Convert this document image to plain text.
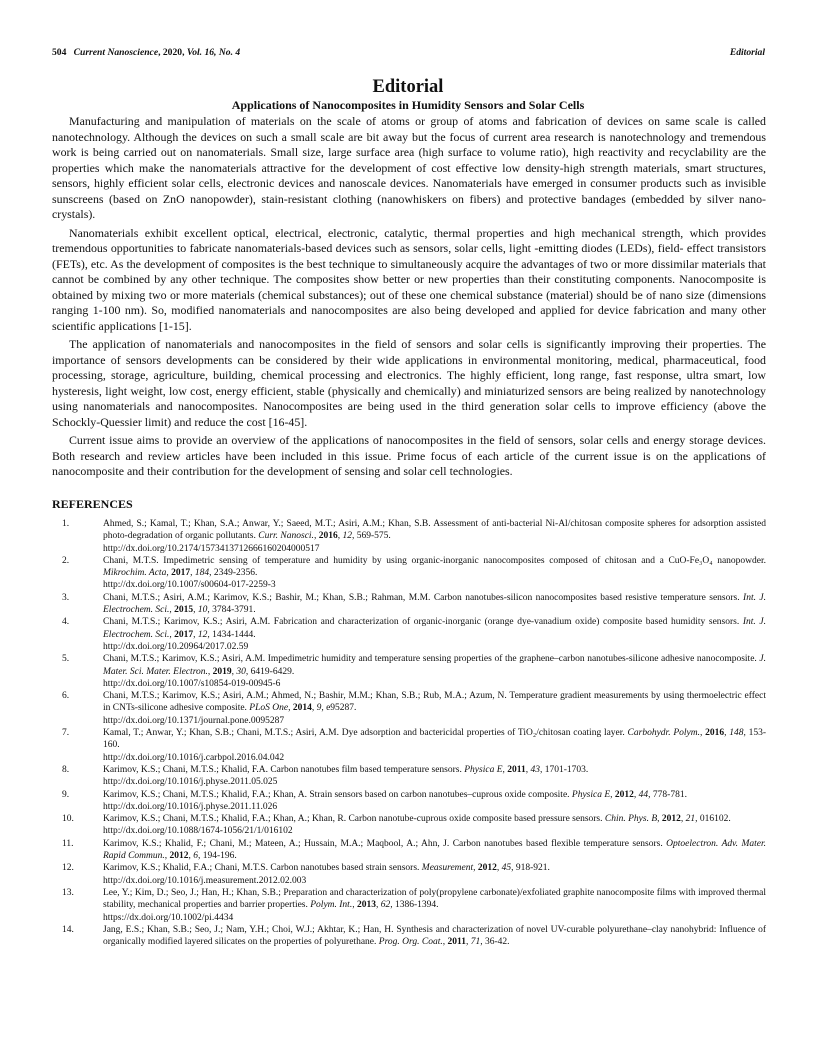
504 Current Nanoscience, 2020, Vol. 16, No. 4	Editorial
Editorial
Applications of Nanocomposites in Humidity Sensors and Solar Cells

Manufacturing and manipulation of materials on the scale of atoms or group of atoms and fabrication of devices on same scale is called nanotechnology. Although the devices on such a small scale are bit away but the focus of current area research is nanotechnology and tremendous work is being carried out on nanomaterials. Small size, large surface area (high surface to volume ratio), high reactivity and recyclability are the properties which make the nanomaterials attractive for the development of cost effective low density-high strength materials, smart structures, sensors, highly efficient solar cells, electronic devices and nanoscale devices. Nanomaterials have emerged in consumer products such as invisible sunscreens (based on ZnO nanopowder), stain-resistant clothing (nanowhiskers on fibers) and protective bandages (embedded by silver nano-crystals).

Nanomaterials exhibit excellent optical, electrical, electronic, catalytic, thermal properties and high mechanical strength, which provides tremendous opportunities to fabricate nanomaterials-based devices such as sensors, solar cells, light -emitting diodes (LEDs), field- effect transistors (FETs), etc. As the development of composites is the best technique to simultaneously acquire the advantages of two or more dissimilar materials that cannot be combined by any other technique. The composites show better or new properties than their constituting components. Nanocomposite is obtained by mixing two or more materials (chemical substances); out of these one chemical substance (material) should be of nano size (dimensions ranging 1-100 nm). So, modified nanomaterials and nanocomposites are also being developed and applied for device fabrication and many other scientific applications [1-15].

The application of nanomaterials and nanocomposites in the field of sensors and solar cells is significantly improving their properties. The importance of sensors developments can be considered by their wide applications in environmental monitoring, medical, pharmaceutical, food processing, storage, agriculture, building, chemical processing and electronics. The highly efficient, long range, fast response, ultra smart, low hysteresis, light weight, low cost, energy efficient, stable (physically and chemically) and miniaturized sensors are being realized by nanotechnology using nanomaterials and nanocomposites. Nanocomposites are being used in the third generation solar cells to improve efficiency (above the Schockly-Quessier limit) and reduce the cost [16-45].

Current issue aims to provide an overview of the applications of nanocomposites in the field of sensors, solar cells and energy storage devices. Both research and review articles have been included in this issue. Prime focus of each article of the current issue is on the applications of nanocomposite and their contribution for the development of sensing and solar cell technologies.

REFERENCES
1.	Ahmed, S.; Kamal, T.; Khan, S.A.; Anwar, Y.; Saeed, M.T.; Asiri, A.M.; Khan, S.B. Assessment of anti-bacterial Ni-Al/chitosan composite spheres for adsorption assisted photo-degradation of organic pollutants. Curr. Nanosci., 2016, 12, 569-575.
http://dx.doi.org/10.2174/1573413712666160204000517
2.	Chani, M.T.S. Impedimetric sensing of temperature and humidity by using organic-inorganic nanocomposites composed of chitosan and a CuO-Fe₃O₄ nanopowder. Mikrochim. Acta, 2017, 184, 2349-2356.
http://dx.doi.org/10.1007/s00604-017-2259-3
3.	Chani, M.T.S.; Asiri, A.M.; Karimov, K.S.; Bashir, M.; Khan, S.B.; Rahman, M.M. Carbon nanotubes-silicon nanocomposites based resistive temperature sensors. Int. J. Electrochem. Sci., 2015, 10, 3784-3791.
4.	Chani, M.T.S.; Karimov, K.S.; Asiri, A.M. Fabrication and characterization of organic-inorganic (orange dye-vanadium oxide) composite based humidity sensors. Int. J. Electrochem. Sci., 2017, 12, 1434-1444.
http://dx.doi.org/10.20964/2017.02.59
5.	Chani, M.T.S.; Karimov, K.S.; Asiri, A.M. Impedimetric humidity and temperature sensing properties of the graphene–carbon nanotubes-silicone adhesive nanocomposite. J. Mater. Sci. Mater. Electron., 2019, 30, 6419-6429.
http://dx.doi.org/10.1007/s10854-019-00945-6
6.	Chani, M.T.S.; Karimov, K.S.; Asiri, A.M.; Ahmed, N.; Bashir, M.M.; Khan, S.B.; Rub, M.A.; Azum, N. Temperature gradient measurements by using thermoelectric effect in CNTs-silicone adhesive composite. PLoS One, 2014, 9, e95287.
http://dx.doi.org/10.1371/journal.pone.0095287
7.	Kamal, T.; Anwar, Y.; Khan, S.B.; Chani, M.T.S.; Asiri, A.M. Dye adsorption and bactericidal properties of TiO₂/chitosan coating layer. Carbohydr. Polym., 2016, 148, 153-160.
http://dx.doi.org/10.1016/j.carbpol.2016.04.042
8.	Karimov, K.S.; Chani, M.T.S.; Khalid, F.A. Carbon nanotubes film based temperature sensors. Physica E, 2011, 43, 1701-1703.
http://dx.doi.org/10.1016/j.physe.2011.05.025
9.	Karimov, K.S.; Chani, M.T.S.; Khalid, F.A.; Khan, A. Strain sensors based on carbon nanotubes–cuprous oxide composite. Physica E, 2012, 44, 778-781.
http://dx.doi.org/10.1016/j.physe.2011.11.026
10.	Karimov, K.S.; Chani, M.T.S.; Khalid, F.A.; Khan, A.; Khan, R. Carbon nanotube-cuprous oxide composite based pressure sensors. Chin. Phys. B, 2012, 21, 016102.
http://dx.doi.org/10.1088/1674-1056/21/1/016102
11.	Karimov, K.S.; Khalid, F.; Chani, M.; Mateen, A.; Hussain, M.A.; Maqbool, A.; Ahn, J. Carbon nanotubes based flexible temperature sensors. Optoelectron. Adv. Mater. Rapid Commun., 2012, 6, 194-196.
12.	Karimov, K.S.; Khalid, F.A.; Chani, M.T.S. Carbon nanotubes based strain sensors. Measurement, 2012, 45, 918-921.
http://dx.doi.org/10.1016/j.measurement.2012.02.003
13.	Lee, Y.; Kim, D.; Seo, J.; Han, H.; Khan, S.B.; Preparation and characterization of poly(propylene carbonate)/exfoliated graphite nanocomposite films with improved thermal stability, mechanical properties and barrier properties. Polym. Int., 2013, 62, 1386-1394.
https://dx.doi.org/10.1002/pi.4434
14.	Jang, E.S.; Khan, S.B.; Seo, J.; Nam, Y.H.; Choi, W.J.; Akhtar, K.; Han, H. Synthesis and characterization of novel UV-curable polyurethane–clay nanohybrid: Influence of organically modified layered silicates on the properties of polyurethane. Prog. Org. Coat., 2011, 71, 36-42.
